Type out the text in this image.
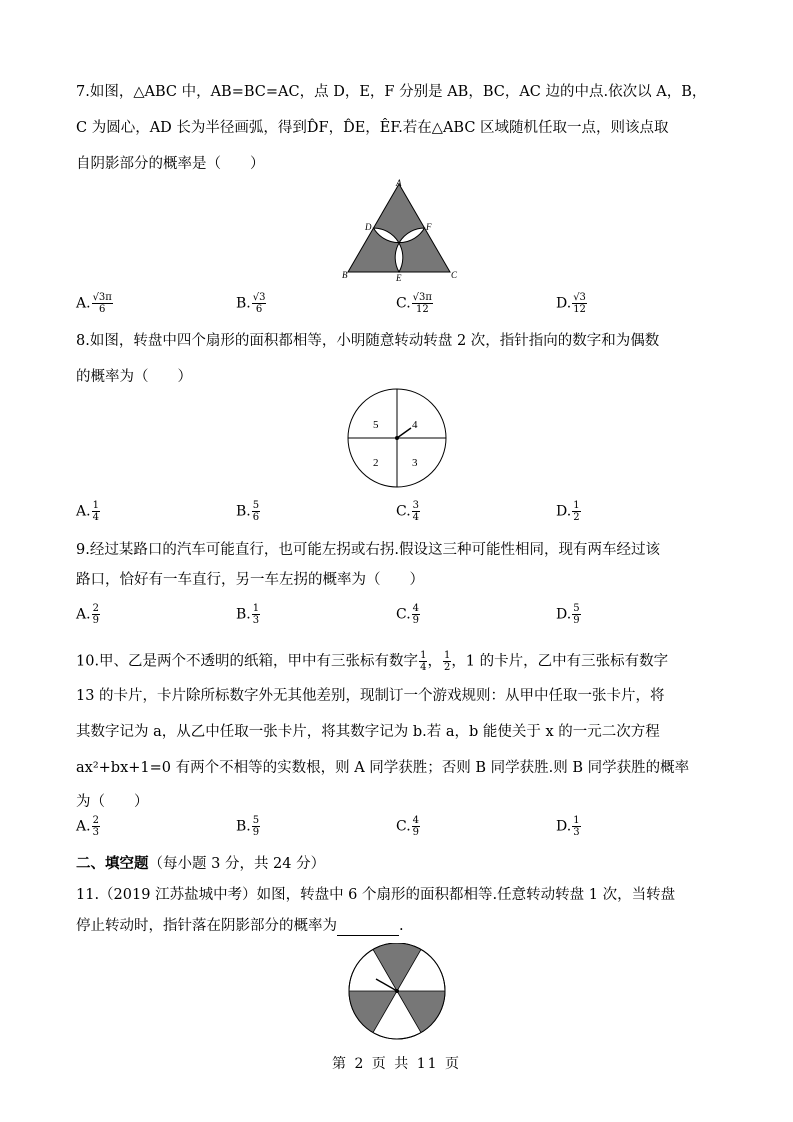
7.如图，△ABC 中，AB=BC=AC，点 D，E，F 分别是 AB，BC，AC 边的中点.依次以 A，B，
C 为圆心，AD 长为半径画弧，得到D̂F，D̂E，ÊF.若在△ABC 区域随机任取一点，则该点取
自阴影部分的概率是（　　）
A
D	F
B	E	C
A. $\frac{√3\pi}{6}$	B. $\frac{√3}{6}$	C. $\frac{√3\pi}{12}$	D. $\frac{√3}{12}$
8.如图，转盘中四个扇形的面积都相等，小明随意转动转盘 2 次，指针指向的数字和为偶数
的概率为（　　）
5	4
2	3
A. $\frac{1}{4}$	B. $\frac{5}{6}$	C. $\frac{3}{4}$	D. $\frac{1}{2}$
9.经过某路口的汽车可能直行，也可能左拐或右拐.假设这三种可能性相同，现有两车经过该
路口，恰好有一车直行，另一车左拐的概率为（　　）
A. $\frac{2}{9}$	B. $\frac{1}{3}$	C. $\frac{4}{9}$	D. $\frac{5}{9}$
10.甲、乙是两个不透明的纸箱，甲中有三张标有数字 $\frac{1}{4}$ ， $\frac{1}{2}$ ，1 的卡片，乙中有三张标有数字
13 的卡片，卡片除所标数字外无其他差别，现制订一个游戏规则：从甲中任取一张卡片，将
其数字记为 a，从乙中任取一张卡片，将其数字记为 b.若 a，b 能使关于 x 的一元二次方程
ax²+bx+1=0 有两个不相等的实数根，则 A 同学获胜；否则 B 同学获胜.则 B 同学获胜的概率
为（　　）
A. $\frac{2}{3}$	B. $\frac{5}{9}$	C. $\frac{4}{9}$	D. $\frac{1}{3}$
二、填空题（每小题 3 分，共 24 分）
11.（2019 江苏盐城中考）如图，转盘中 6 个扇形的面积都相等.任意转动转盘 1 次，当转盘
停止转动时，指针落在阴影部分的概率为	.
第 2 页 共 11 页
